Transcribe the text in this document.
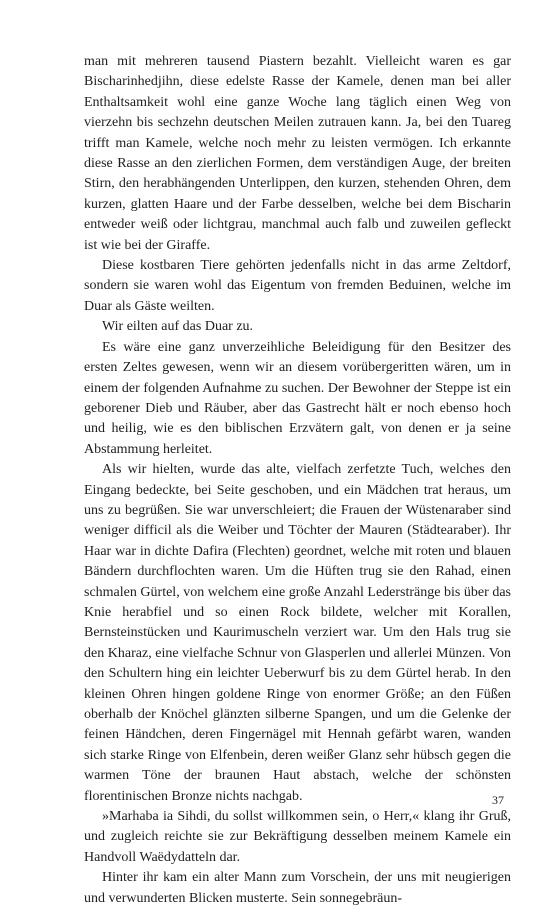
man mit mehreren tausend Piastern bezahlt. Vielleicht waren es gar Bischarinhedjihn, diese edelste Rasse der Kamele, denen man bei aller Enthaltsamkeit wohl eine ganze Woche lang täglich einen Weg von vierzehn bis sechzehn deutschen Meilen zutrauen kann. Ja, bei den Tuareg trifft man Kamele, welche noch mehr zu leisten vermögen. Ich erkannte diese Rasse an den zierlichen Formen, dem verständigen Auge, der breiten Stirn, den herabhängenden Unterlippen, den kurzen, stehenden Ohren, dem kurzen, glatten Haare und der Farbe desselben, welche bei dem Bischarin entweder weiß oder lichtgrau, manchmal auch falb und zuweilen gefleckt ist wie bei der Giraffe.

Diese kostbaren Tiere gehörten jedenfalls nicht in das arme Zeltdorf, sondern sie waren wohl das Eigentum von fremden Beduinen, welche im Duar als Gäste weilten.

Wir eilten auf das Duar zu.

Es wäre eine ganz unverzeihliche Beleidigung für den Besitzer des ersten Zeltes gewesen, wenn wir an diesem vorübergeritten wären, um in einem der folgenden Aufnahme zu suchen. Der Bewohner der Steppe ist ein geborener Dieb und Räuber, aber das Gastrecht hält er noch ebenso hoch und heilig, wie es den biblischen Erzvätern galt, von denen er ja seine Abstammung herleitet.

Als wir hielten, wurde das alte, vielfach zerfetzte Tuch, welches den Eingang bedeckte, bei Seite geschoben, und ein Mädchen trat heraus, um uns zu begrüßen. Sie war unverschleiert; die Frauen der Wüstenaraber sind weniger difficil als die Weiber und Töchter der Mauren (Städtearaber). Ihr Haar war in dichte Dafira (Flechten) geordnet, welche mit roten und blauen Bändern durchflochten waren. Um die Hüften trug sie den Rahad, einen schmalen Gürtel, von welchem eine große Anzahl Lederstränge bis über das Knie herabfiel und so einen Rock bildete, welcher mit Korallen, Bernsteinstücken und Kaurimuscheln verziert war. Um den Hals trug sie den Kharaz, eine vielfache Schnur von Glasperlen und allerlei Münzen. Von den Schultern hing ein leichter Ueberwurf bis zu dem Gürtel herab. In den kleinen Ohren hingen goldene Ringe von enormer Größe; an den Füßen oberhalb der Knöchel glänzten silberne Spangen, und um die Gelenke der feinen Händchen, deren Fingernägel mit Hennah gefärbt waren, wanden sich starke Ringe von Elfenbein, deren weißer Glanz sehr hübsch gegen die warmen Töne der braunen Haut abstach, welche der schönsten florentinischen Bronze nichts nachgab.

»Marhaba ia Sihdi, du sollst willkommen sein, o Herr,« klang ihr Gruß, und zugleich reichte sie zur Bekräftigung desselben meinem Kamele ein Handvoll Waëdydatteln dar.

Hinter ihr kam ein alter Mann zum Vorschein, der uns mit neugierigen und verwunderten Blicken musterte. Sein sonnegebräun-

37
